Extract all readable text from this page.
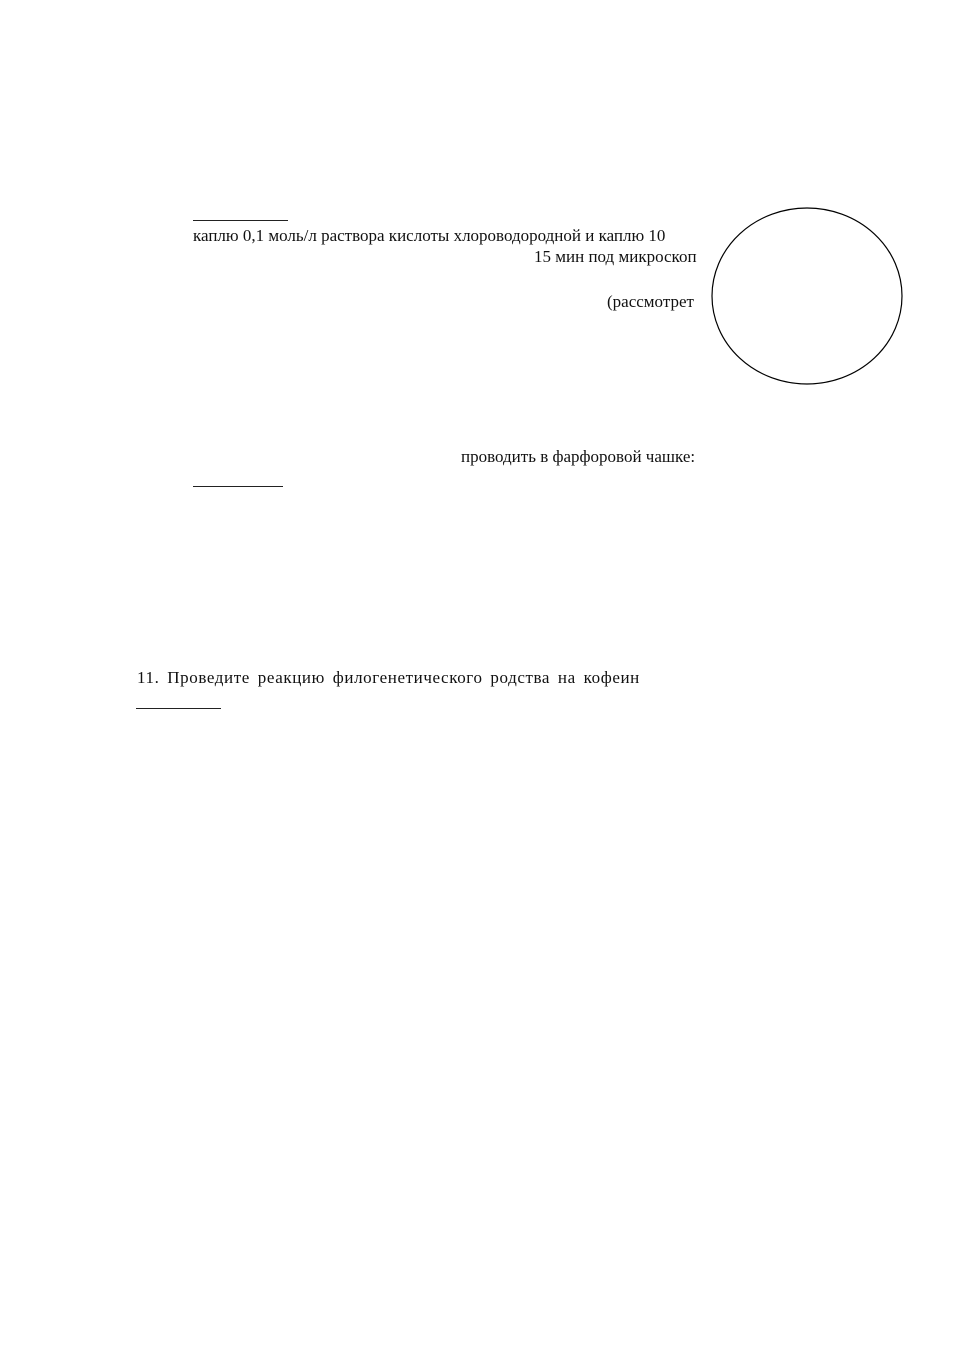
каплю 0,1 моль/л раствора кислоты хлороводородной и каплю 10
15 мин под микроскоп
(рассмотрет
проводить в фарфоровой чашке:
11. Проведите реакцию филогенетического родства на кофеин
